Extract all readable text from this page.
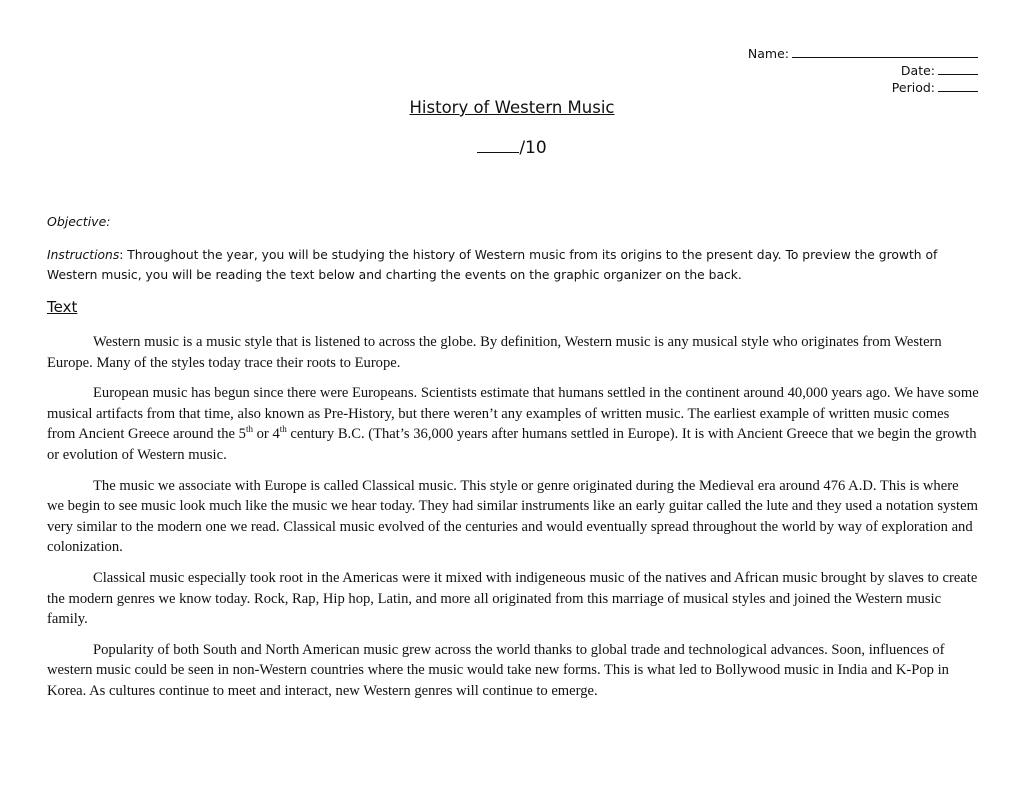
Name:
Date:
Period:
History of Western Music
/10
Objective:
Instructions: Throughout the year, you will be studying the history of Western music from its origins to the present day. To preview the growth of Western music, you will be reading the text below and charting the events on the graphic organizer on the back.
Text

Western music is a music style that is listened to across the globe. By definition, Western music is any musical style who originates from Western Europe. Many of the styles today trace their roots to Europe.

European music has begun since there were Europeans. Scientists estimate that humans settled in the continent around 40,000 years ago. We have some musical artifacts from that time, also known as Pre-History, but there weren’t any examples of written music. The earliest example of written music comes from Ancient Greece around the 5th or 4th century B.C. (That’s 36,000 years after humans settled in Europe). It is with Ancient Greece that we begin the growth or evolution of Western music.

The music we associate with Europe is called Classical music. This style or genre originated during the Medieval era around 476 A.D. This is where we begin to see music look much like the music we hear today. They had similar instruments like an early guitar called the lute and they used a notation system very similar to the modern one we read. Classical music evolved of the centuries and would eventually spread throughout the world by way of exploration and colonization.

Classical music especially took root in the Americas were it mixed with indigeneous music of the natives and African music brought by slaves to create the modern genres we know today. Rock, Rap, Hip hop, Latin, and more all originated from this marriage of musical styles and joined the Western music family.

Popularity of both South and North American music grew across the world thanks to global trade and technological advances. Soon, influences of western music could be seen in non-Western countries where the music would take new forms. This is what led to Bollywood music in India and K-Pop in Korea. As cultures continue to meet and interact, new Western genres will continue to emerge.
